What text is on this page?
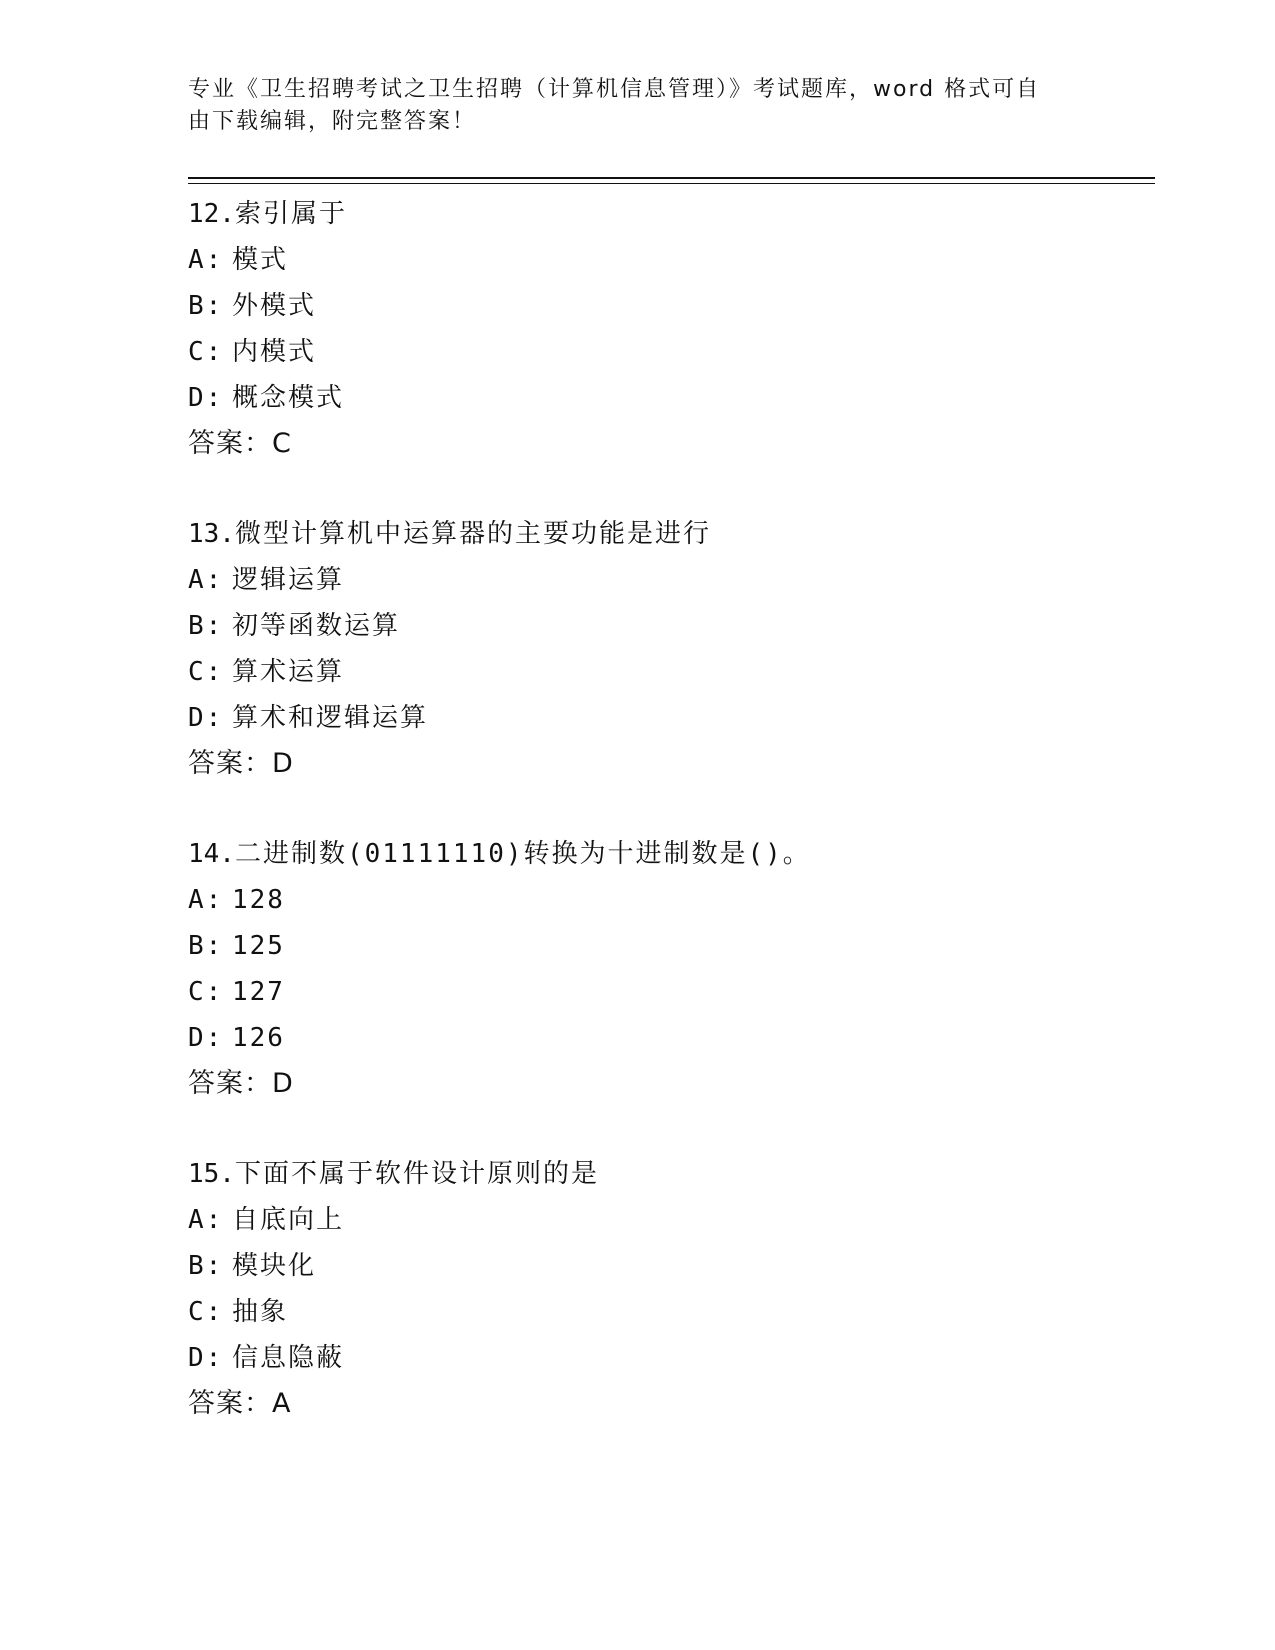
专业《卫生招聘考试之卫生招聘（计算机信息管理）》考试题库，word 格式可自
由下载编辑，附完整答案！
12.索引属于
A: 模式
B: 外模式
C: 内模式
D: 概念模式
答案：C
13.微型计算机中运算器的主要功能是进行
A: 逻辑运算
B: 初等函数运算
C: 算术运算
D: 算术和逻辑运算
答案：D
14.二进制数(01111110)转换为十进制数是()。
A: 128
B: 125
C: 127
D: 126
答案：D
15.下面不属于软件设计原则的是
A: 自底向上
B: 模块化
C: 抽象
D: 信息隐蔽
答案：A
